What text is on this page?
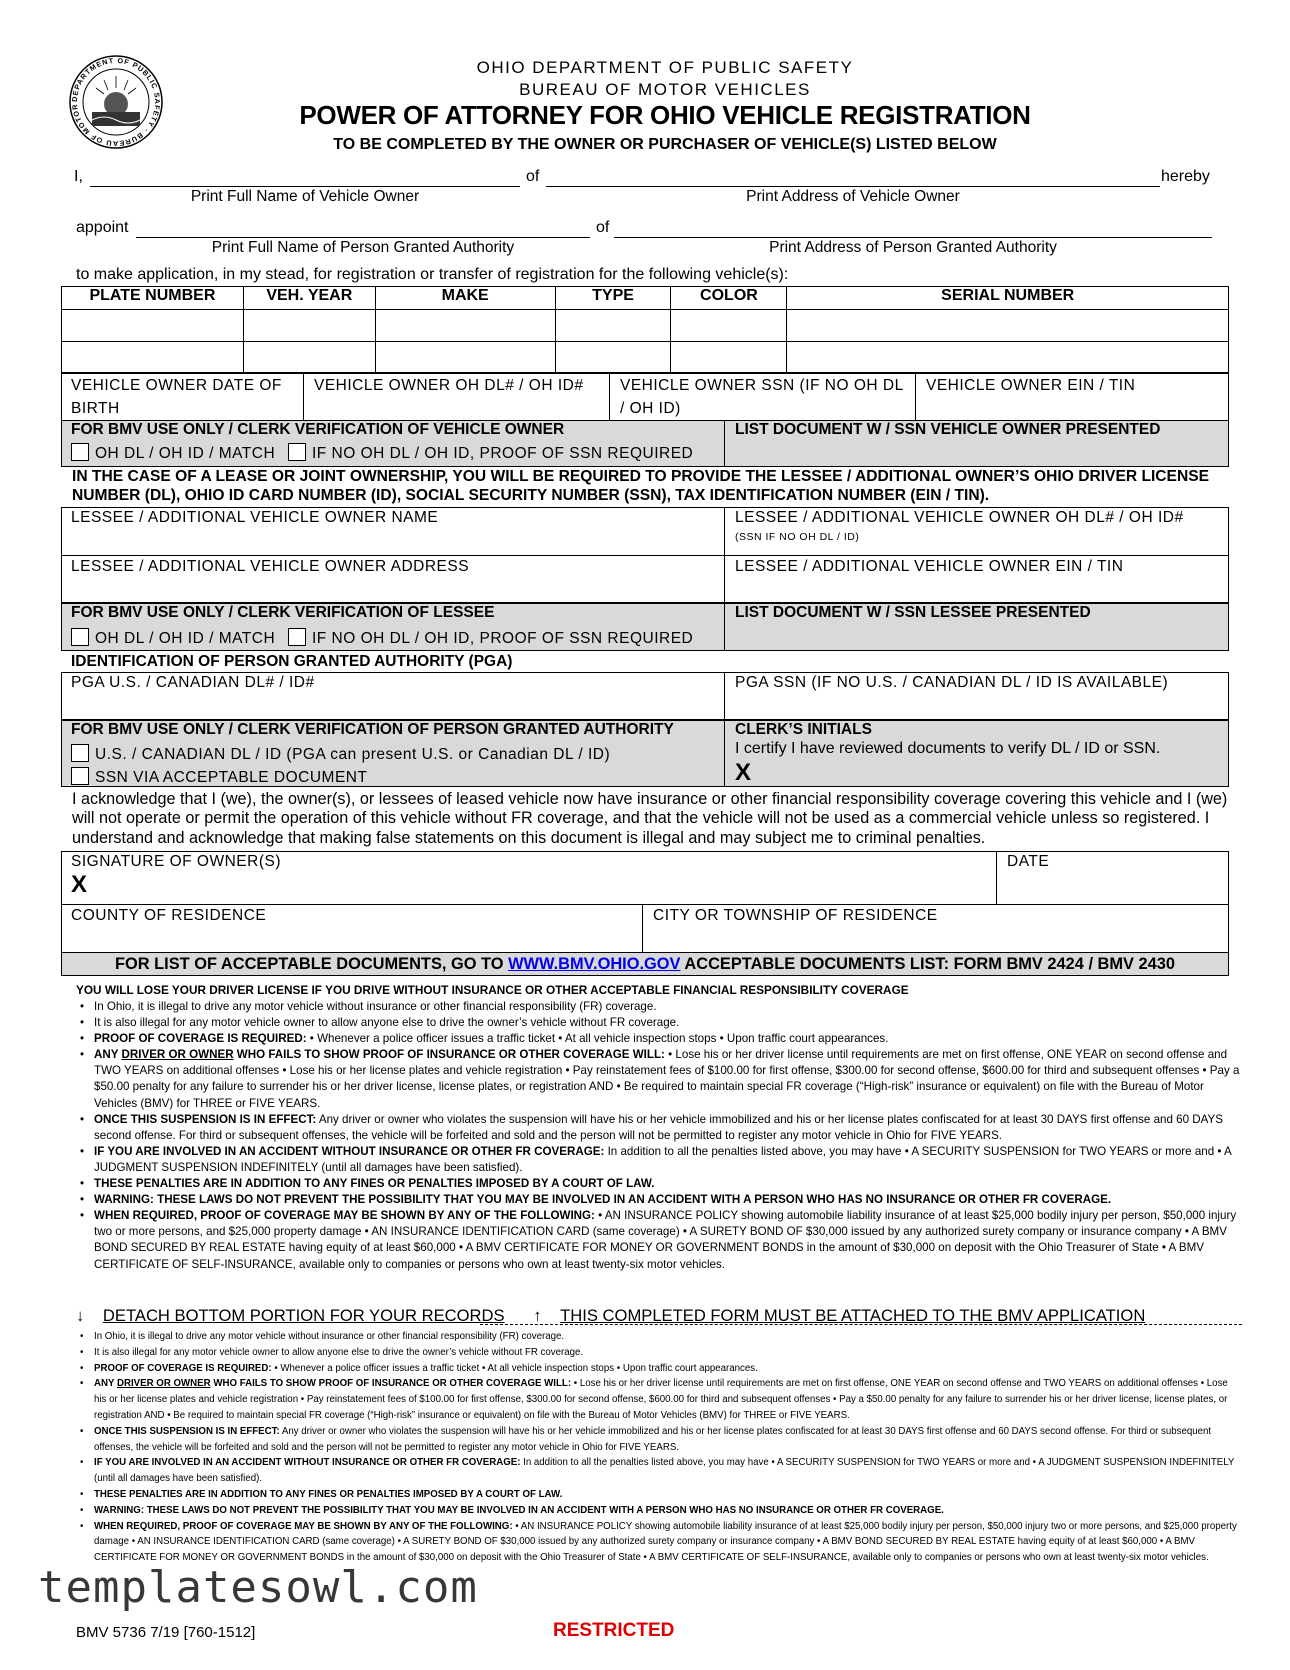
DEPARTMENT OF PUBLIC SAFETY · BUREAU OF MOTOR
OHIO DEPARTMENT OF PUBLIC SAFETY
BUREAU OF MOTOR VEHICLES
POWER OF ATTORNEY FOR OHIO VEHICLE REGISTRATION
TO BE COMPLETED BY THE OWNER OR PURCHASER OF VEHICLE(S) LISTED BELOW
I,	of	hereby
Print Full Name of Vehicle Owner	Print Address of Vehicle Owner
appoint	of
Print Full Name of Person Granted Authority	Print Address of Person Granted Authority
to make application, in my stead, for registration or transfer of registration for the following vehicle(s):
PLATE NUMBER	VEH. YEAR	MAKE	TYPE	COLOR	SERIAL NUMBER

VEHICLE OWNER DATE OF BIRTH
VEHICLE OWNER OH DL# / OH ID#	VEHICLE OWNER SSN (IF NO OH DL / OH ID)
VEHICLE OWNER EIN / TIN
FOR BMV USE ONLY / CLERK VERIFICATION OF VEHICLE OWNER
OH DL / OH ID / MATCH IF NO OH DL / OH ID, PROOF OF SSN REQUIRED
LIST DOCUMENT W / SSN VEHICLE OWNER PRESENTED
IN THE CASE OF A LEASE OR JOINT OWNERSHIP, YOU WILL BE REQUIRED TO PROVIDE THE LESSEE / ADDITIONAL OWNER’S OHIO DRIVER LICENSE NUMBER (DL), OHIO ID CARD NUMBER (ID), SOCIAL SECURITY NUMBER (SSN), TAX IDENTIFICATION NUMBER (EIN / TIN).
LESSEE / ADDITIONAL VEHICLE OWNER NAME	LESSEE / ADDITIONAL VEHICLE OWNER OH DL# / OH ID#
(SSN IF NO OH DL / ID)
LESSEE / ADDITIONAL VEHICLE OWNER ADDRESS	LESSEE / ADDITIONAL VEHICLE OWNER EIN / TIN
FOR BMV USE ONLY / CLERK VERIFICATION OF LESSEE
OH DL / OH ID / MATCH IF NO OH DL / OH ID, PROOF OF SSN REQUIRED
LIST DOCUMENT W / SSN LESSEE PRESENTED
IDENTIFICATION OF PERSON GRANTED AUTHORITY (PGA)
PGA U.S. / CANADIAN DL# / ID#	PGA SSN (IF NO U.S. / CANADIAN DL / ID IS AVAILABLE)
FOR BMV USE ONLY / CLERK VERIFICATION OF PERSON GRANTED AUTHORITY
U.S. / CANADIAN DL / ID (PGA can present U.S. or Canadian DL / ID)
SSN VIA ACCEPTABLE DOCUMENT
CLERK’S INITIALS
I certify I have reviewed documents to verify DL / ID or SSN.
X
I acknowledge that I (we), the owner(s), or lessees of leased vehicle now have insurance or other financial responsibility coverage covering this vehicle and I (we) will not operate or permit the operation of this vehicle without FR coverage, and that the vehicle will not be used as a commercial vehicle unless so registered. I understand and acknowledge that making false statements on this document is illegal and may subject me to criminal penalties.
SIGNATURE OF OWNER(S)
X
DATE
COUNTY OF RESIDENCE	CITY OR TOWNSHIP OF RESIDENCE
FOR LIST OF ACCEPTABLE DOCUMENTS, GO TO WWW.BMV.OHIO.GOV ACCEPTABLE DOCUMENTS LIST: FORM BMV 2424 / BMV 2430
YOU WILL LOSE YOUR DRIVER LICENSE IF YOU DRIVE WITHOUT INSURANCE OR OTHER ACCEPTABLE FINANCIAL RESPONSIBILITY COVERAGE
• In Ohio, it is illegal to drive any motor vehicle without insurance or other financial responsibility (FR) coverage.
• It is also illegal for any motor vehicle owner to allow anyone else to drive the owner’s vehicle without FR coverage.
• PROOF OF COVERAGE IS REQUIRED: • Whenever a police officer issues a traffic ticket • At all vehicle inspection stops • Upon traffic court appearances.
• ANY DRIVER OR OWNER WHO FAILS TO SHOW PROOF OF INSURANCE OR OTHER COVERAGE WILL: • Lose his or her driver license until requirements are met on first offense, ONE YEAR on second offense and TWO YEARS on additional offenses • Lose his or her license plates and vehicle registration • Pay reinstatement fees of $100.00 for first offense, $300.00 for second offense, $600.00 for third and subsequent offenses • Pay a $50.00 penalty for any failure to surrender his or her driver license, license plates, or registration AND • Be required to maintain special FR coverage (“High-risk” insurance or equivalent) on file with the Bureau of Motor Vehicles (BMV) for THREE or FIVE YEARS.
• ONCE THIS SUSPENSION IS IN EFFECT: Any driver or owner who violates the suspension will have his or her vehicle immobilized and his or her license plates confiscated for at least 30 DAYS first offense and 60 DAYS second offense. For third or subsequent offenses, the vehicle will be forfeited and sold and the person will not be permitted to register any motor vehicle in Ohio for FIVE YEARS.
• IF YOU ARE INVOLVED IN AN ACCIDENT WITHOUT INSURANCE OR OTHER FR COVERAGE: In addition to all the penalties listed above, you may have • A SECURITY SUSPENSION for TWO YEARS or more and • A JUDGMENT SUSPENSION INDEFINITELY (until all damages have been satisfied).
• THESE PENALTIES ARE IN ADDITION TO ANY FINES OR PENALTIES IMPOSED BY A COURT OF LAW.
• WARNING: THESE LAWS DO NOT PREVENT THE POSSIBILITY THAT YOU MAY BE INVOLVED IN AN ACCIDENT WITH A PERSON WHO HAS NO INSURANCE OR OTHER FR COVERAGE.
• WHEN REQUIRED, PROOF OF COVERAGE MAY BE SHOWN BY ANY OF THE FOLLOWING: • AN INSURANCE POLICY showing automobile liability insurance of at least $25,000 bodily injury per person, $50,000 injury two or more persons, and $25,000 property damage • AN INSURANCE IDENTIFICATION CARD (same coverage) • A SURETY BOND OF $30,000 issued by any authorized surety company or insurance company • A BMV BOND SECURED BY REAL ESTATE having equity of at least $60,000 • A BMV CERTIFICATE FOR MONEY OR GOVERNMENT BONDS in the amount of $30,000 on deposit with the Ohio Treasurer of State • A BMV CERTIFICATE OF SELF-INSURANCE, available only to companies or persons who own at least twenty-six motor vehicles.
↓ DETACH BOTTOM PORTION FOR YOUR RECORDS ↑ THIS COMPLETED FORM MUST BE ATTACHED TO THE BMV APPLICATION
• In Ohio, it is illegal to drive any motor vehicle without insurance or other financial responsibility (FR) coverage.
• It is also illegal for any motor vehicle owner to allow anyone else to drive the owner’s vehicle without FR coverage.
• PROOF OF COVERAGE IS REQUIRED: • Whenever a police officer issues a traffic ticket • At all vehicle inspection stops • Upon traffic court appearances.
• ANY DRIVER OR OWNER WHO FAILS TO SHOW PROOF OF INSURANCE OR OTHER COVERAGE WILL: • Lose his or her driver license until requirements are met on first offense, ONE YEAR on second offense and TWO YEARS on additional offenses • Lose his or her license plates and vehicle registration • Pay reinstatement fees of $100.00 for first offense, $300.00 for second offense, $600.00 for third and subsequent offenses • Pay a $50.00 penalty for any failure to surrender his or her driver license, license plates, or registration AND • Be required to maintain special FR coverage (“High-risk” insurance or equivalent) on file with the Bureau of Motor Vehicles (BMV) for THREE or FIVE YEARS.
• ONCE THIS SUSPENSION IS IN EFFECT: Any driver or owner who violates the suspension will have his or her vehicle immobilized and his or her license plates confiscated for at least 30 DAYS first offense and 60 DAYS second offense. For third or subsequent offenses, the vehicle will be forfeited and sold and the person will not be permitted to register any motor vehicle in Ohio for FIVE YEARS.
• IF YOU ARE INVOLVED IN AN ACCIDENT WITHOUT INSURANCE OR OTHER FR COVERAGE: In addition to all the penalties listed above, you may have • A SECURITY SUSPENSION for TWO YEARS or more and • A JUDGMENT SUSPENSION INDEFINITELY (until all damages have been satisfied).
• THESE PENALTIES ARE IN ADDITION TO ANY FINES OR PENALTIES IMPOSED BY A COURT OF LAW.
• WARNING: THESE LAWS DO NOT PREVENT THE POSSIBILITY THAT YOU MAY BE INVOLVED IN AN ACCIDENT WITH A PERSON WHO HAS NO INSURANCE OR OTHER FR COVERAGE.
• WHEN REQUIRED, PROOF OF COVERAGE MAY BE SHOWN BY ANY OF THE FOLLOWING: • AN INSURANCE POLICY showing automobile liability insurance of at least $25,000 bodily injury per person, $50,000 injury two or more persons, and $25,000 property damage • AN INSURANCE IDENTIFICATION CARD (same coverage) • A SURETY BOND OF $30,000 issued by any authorized surety company or insurance company • A BMV BOND SECURED BY REAL ESTATE having equity of at least $60,000 • A BMV CERTIFICATE FOR MONEY OR GOVERNMENT BONDS in the amount of $30,000 on deposit with the Ohio Treasurer of State • A BMV CERTIFICATE OF SELF-INSURANCE, available only to companies or persons who own at least twenty-six motor vehicles.
templatesowl.com
BMV 5736 7/19 [760-1512]	RESTRICTED
